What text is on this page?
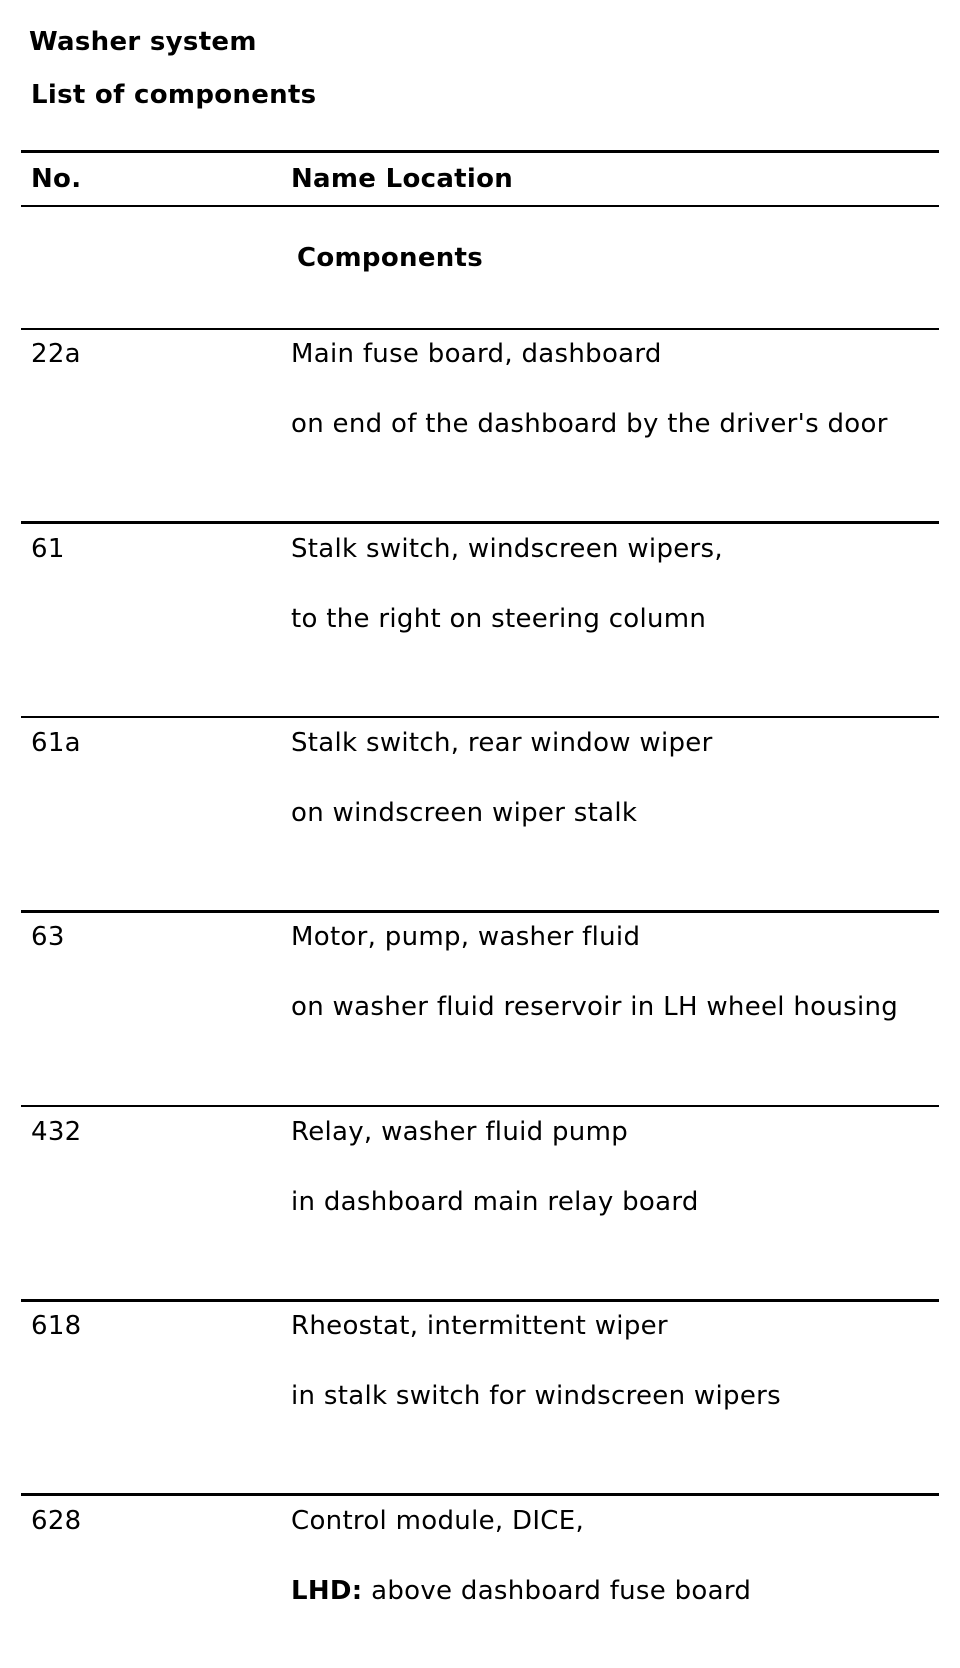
Washer system
List of components
No.	Name Location
Components
22a	Main fuse board, dashboard
on end of the dashboard by the driver's door
61	Stalk switch, windscreen wipers,
to the right on steering column
61a	Stalk switch, rear window wiper
on windscreen wiper stalk
63	Motor, pump, washer fluid
on washer fluid reservoir in LH wheel housing
432	Relay, washer fluid pump
in dashboard main relay board
618	Rheostat, intermittent wiper
in stalk switch for windscreen wipers
628	Control module, DICE,
LHD: above dashboard fuse board
